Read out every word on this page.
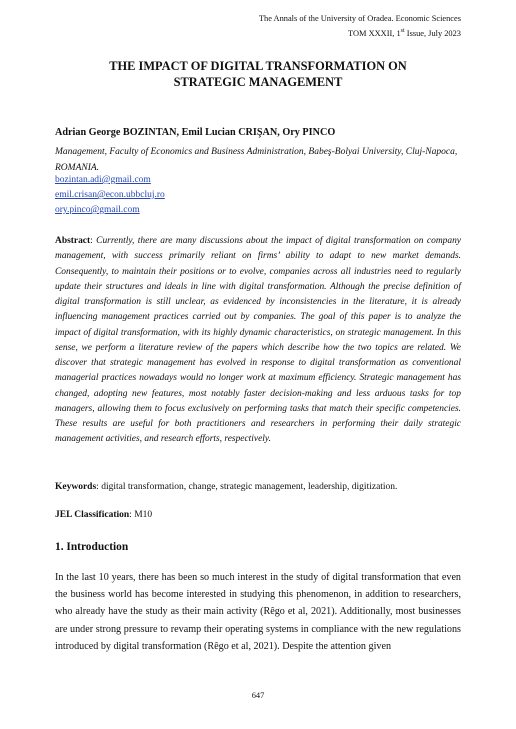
The Annals of the University of Oradea. Economic Sciences
TOM XXXII, 1st Issue, July 2023
THE IMPACT OF DIGITAL TRANSFORMATION ON
STRATEGIC MANAGEMENT
Adrian George BOZINTAN, Emil Lucian CRIŞAN, Ory PINCO
Management, Faculty of Economics and Business Administration, Babeş-Bolyai University, Cluj-Napoca, ROMANIA.
bozintan.adi@gmail.com
emil.crisan@econ.ubbcluj.ro
ory.pinco@gmail.com
Abstract: Currently, there are many discussions about the impact of digital transformation on company management, with success primarily reliant on firms’ ability to adapt to new market demands. Consequently, to maintain their positions or to evolve, companies across all industries need to regularly update their structures and ideals in line with digital transformation. Although the precise definition of digital transformation is still unclear, as evidenced by inconsistencies in the literature, it is already influencing management practices carried out by companies. The goal of this paper is to analyze the impact of digital transformation, with its highly dynamic characteristics, on strategic management. In this sense, we perform a literature review of the papers which describe how the two topics are related. We discover that strategic management has evolved in response to digital transformation as conventional managerial practices nowadays would no longer work at maximum efficiency. Strategic management has changed, adopting new features, most notably faster decision-making and less arduous tasks for top managers, allowing them to focus exclusively on performing tasks that match their specific competencies. These results are useful for both practitioners and researchers in performing their daily strategic management activities, and research efforts, respectively.
Keywords: digital transformation, change, strategic management, leadership, digitization.
JEL Classification: M10
1. Introduction
In the last 10 years, there has been so much interest in the study of digital transformation that even the business world has become interested in studying this phenomenon, in addition to researchers, who already have the study as their main activity (Rêgo et al, 2021). Additionally, most businesses are under strong pressure to revamp their operating systems in compliance with the new regulations introduced by digital transformation (Rêgo et al, 2021). Despite the attention given
647
